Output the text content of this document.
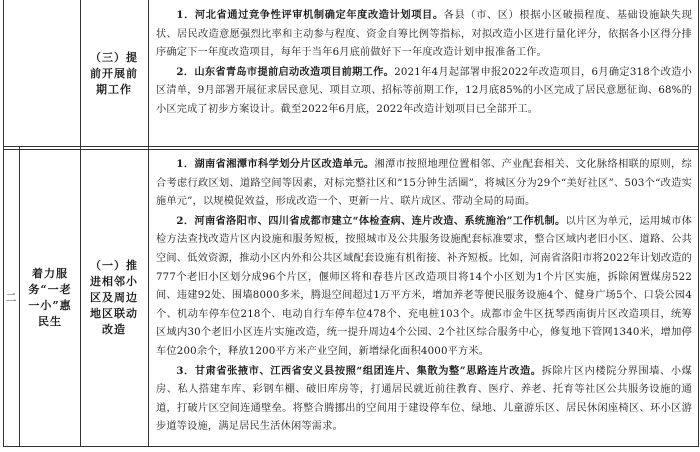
二
着力服务“一老一小”惠民生
（三）提前开展前期工作

1．河北省通过竞争性评审机制确定年度改造计划项目。各县（市、区）根据小区破损程度、基础设施缺失现状、居民改造意愿强烈比率和主动参与程度、资金自筹比例等指标，对拟改造小区进行量化评分，依据各小区得分排序确定下一年度改造项目，每年于当年6月底前做好下一年度改造计划申报准备工作。

2．山东省青岛市提前启动改造项目前期工作。2021年4月起部署申报2022年改造项目，6月确定318个改造小区清单，9月部署开展征求居民意见、项目立项、招标等前期工作，12月底85%的小区完成了居民意愿征询、68%的小区完成了初步方案设计。截至2022年6月底，2022年改造计划项目已全部开工。

（一）推进相邻小区及周边地区联动改造

1．湖南省湘潭市科学划分片区改造单元。湘潭市按照地理位置相邻、产业配套相关、文化脉络相联的原则，综合考虑行政区划、道路空间等因素，对标完整社区和“15分钟生活圈”，将城区分为29个“美好社区”、503个“改造实施单元”，以规模促效益，形成改造一个、更新一片、联片成区、带动全局的局面。

2．河南省洛阳市、四川省成都市建立“体检查病、连片改造、系统施治”工作机制。以片区为单元，运用城市体检方法查找改造片区内设施和服务短板，按照城市及公共服务设施配套标准要求，整合区域内老旧小区、道路、公共空间、低效资源，推动小区内外和公共区域配套设施有机衔接、补齐短板。比如，河南省洛阳市将2022年计划改造的777个老旧小区划分成96个片区，偃师区将和春巷片区改造项目将14个小区划为1个片区实施，拆除闲置煤房522间、违建92处、围墙8000多米，腾退空间超过1万平方米，增加养老等便民服务设施4个、健身广场5个、口袋公园4个、机动车停车位218个、电动自行车停车位478个、充电桩103个。成都市金牛区抚琴西南街片区改造项目，统筹区域内30个老旧小区连片实施改造，统一提升周边4个公园、2个社区综合服务中心，修复地下管网1340米，增加停车位200余个，释放1200平方米产业空间，新增绿化面积4000平方米。

3．甘肃省张掖市、江西省安义县按照“组团连片、集散为整”思路连片改造。拆除片区内楼院分界围墙、小煤房、私人搭建车库、彩钢车棚、破旧库房等，打通居民就近前往教育、医疗、养老、托育等社区公共服务设施的通道，打破片区空间连通壁垒。将整合腾挪出的空间用于建设停车位、绿地、儿童游乐区、居民休闲座椅区、环小区游步道等设施，满足居民生活休闲等需求。
